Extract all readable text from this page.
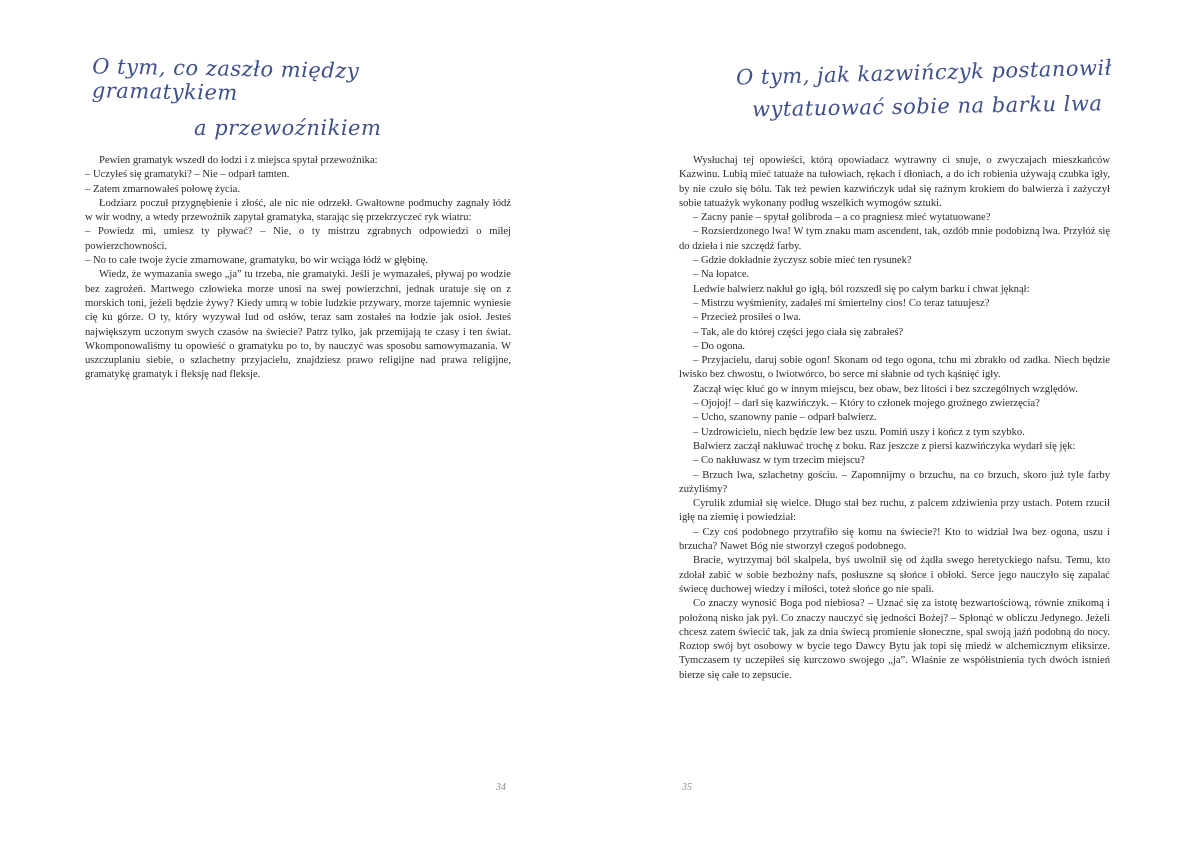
O tym, co zaszło między gramatykiem
a przewoźnikiem

Pewien gramatyk wszedł do łodzi i z miejsca spytał przewoźnika:

– Uczyłeś się gramatyki? – Nie – odparł tamten.

– Zatem zmarnowałeś połowę życia.

Łodziarz poczuł przygnębienie i złość, ale nic nie odrzekł. Gwałtowne podmuchy zagnały łódź w wir wodny, a wtedy przewoźnik zapytał gramatyka, starając się przekrzyczeć ryk wiatru:

– Powiedz mi, umiesz ty pływać? – Nie, o ty mistrzu zgrabnych odpowiedzi o miłej powierzchowności.

– No to całe twoje życie zmarnowane, gramatyku, bo wir wciąga łódź w głębinę.

Wiedz, że wymazania swego „ja” tu trzeba, nie gramatyki. Jeśli je wymazałeś, pływaj po wodzie bez zagrożeń. Martwego człowieka morze unosi na swej powierzchni, jednak uratuje się on z morskich toni, jeżeli będzie żywy? Kiedy umrą w tobie ludzkie przywary, morze tajemnic wyniesie cię ku górze. O ty, który wyzywał lud od osłów, teraz sam zostałeś na łodzie jak osioł. Jesteś największym uczonym swych czasów na świecie? Patrz tylko, jak przemijają te czasy i ten świat. Wkomponowaliśmy tu opowieść o gramatyku po to, by nauczyć was sposobu samowymazania. W uszczuplaniu siebie, o szlachetny przyjacielu, znajdziesz prawo religijne nad prawa religijne, gramatykę gramatyk i fleksję nad fleksje.

34
O tym, jak kazwińczyk postanowił
wytatuować sobie na barku lwa

Wysłuchaj tej opowieści, którą opowiadacz wytrawny ci snuje, o zwyczajach mieszkańców Kazwinu. Lubią mieć tatuaże na tułowiach, rękach i dłoniach, a do ich robienia używają czubka igły, by nie czuło się bólu. Tak też pewien kazwińczyk udał się raźnym krokiem do balwierza i zażyczył sobie tatuażyk wykonany podług wszelkich wymogów sztuki.

– Zacny panie – spytał golibroda – a co pragniesz mieć wytatuowane?

– Rozsierdzonego lwa! W tym znaku mam ascendent, tak, ozdób mnie podobizną lwa. Przyłóż się do dzieła i nie szczędź farby.

– Gdzie dokładnie życzysz sobie mieć ten rysunek?

– Na łopatce.

Ledwie balwierz nakłuł go igłą, ból rozszedł się po całym barku i chwat jęknął:

– Mistrzu wyśmienity, zadałeś mi śmiertelny cios! Co teraz tatuujesz?

– Przecież prosiłeś o lwa.

– Tak, ale do której części jego ciała się zabrałeś?

– Do ogona.

– Przyjacielu, daruj sobie ogon! Skonam od tego ogona, tchu mi zbrakło od zadka. Niech będzie lwisko bez chwostu, o lwiotwórco, bo serce mi słabnie od tych kąśnięć igły.

Zaczął więc kłuć go w innym miejscu, bez obaw, bez litości i bez szczególnych względów.

– Ojojoj! – darł się kazwińczyk. – Który to członek mojego groźnego zwierzęcia?

– Ucho, szanowny panie – odparł balwierz.

– Uzdrowicielu, niech będzie lew bez uszu. Pomiń uszy i kończ z tym szybko.

Balwierz zaczął nakłuwać trochę z boku. Raz jeszcze z piersi kazwińczyka wydarł się jęk:

– Co nakłuwasz w tym trzecim miejscu?

– Brzuch lwa, szlachetny gościu. – Zapomnijmy o brzuchu, na co brzuch, skoro już tyle farby zużyliśmy?

Cyrulik zdumiał się wielce. Długo stał bez ruchu, z palcem zdziwienia przy ustach. Potem rzucił igłę na ziemię i powiedział:

– Czy coś podobnego przytrafiło się komu na świecie?! Kto to widział lwa bez ogona, uszu i brzucha? Nawet Bóg nie stworzył czegoś podobnego.

Bracie, wytrzymaj ból skalpela, byś uwolnił się od żądła swego heretyckiego nafsu. Temu, kto zdołał zabić w sobie bezbożny nafs, posłuszne są słońce i obłoki. Serce jego nauczyło się zapalać świecę duchowej wiedzy i miłości, toteż słońce go nie spali.

Co znaczy wynosić Boga pod niebiosa? – Uznać się za istotę bezwartościową, równie znikomą i położoną nisko jak pył. Co znaczy nauczyć się jedności Bożej? – Spłonąć w obliczu Jedynego. Jeżeli chcesz zatem świecić tak, jak za dnia świecą promienie słoneczne, spal swoją jaźń podobną do nocy. Roztop swój byt osobowy w bycie tego Dawcy Bytu jak topi się miedź w alchemicznym eliksirze. Tymczasem ty uczepiłeś się kurczowo swojego „ja”. Właśnie ze współistnienia tych dwóch istnień bierze się całe to zepsucie.

35
